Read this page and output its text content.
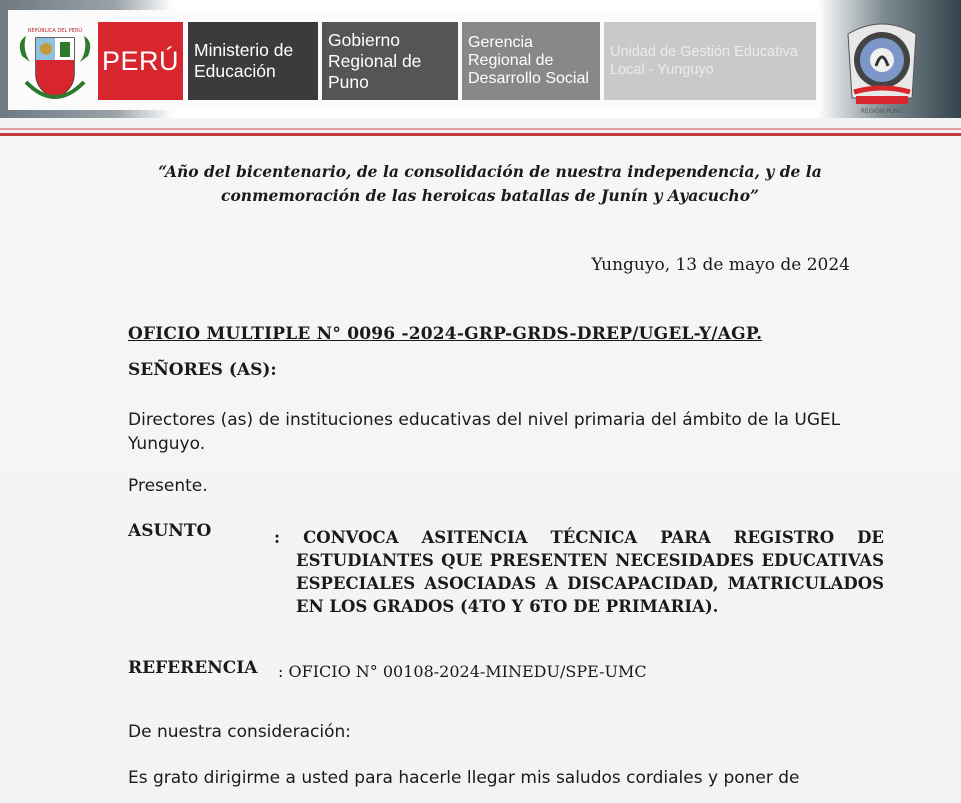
REPÚBLICA DEL PERÚ
PERÚ Ministerio de Educación
Gobierno Regional de Puno
Gerencia Regional de Desarrollo Social
Unidad de Gestión Educativa Local - Yunguyo
REGION PUNO
“Año del bicentenario, de la consolidación de nuestra independencia, y de la conmemoración de las heroicas batallas de Junín y Ayacucho”
Yunguyo, 13 de mayo de 2024
OFICIO MULTIPLE N° 0096 -2024-GRP-GRDS-DREP/UGEL-Y/AGP.
SEÑORES (AS):
Directores (as) de instituciones educativas del nivel primaria del ámbito de la UGEL Yunguyo.
Presente.
ASUNTO	: CONVOCA ASITENCIA TÉCNICA PARA REGISTRO DE ESTUDIANTES QUE PRESENTEN NECESIDADES EDUCATIVAS ESPECIALES ASOCIADAS A DISCAPACIDAD, MATRICULADOS EN LOS GRADOS (4TO Y 6TO DE PRIMARIA).
REFERENCIA : OFICIO N° 00108-2024-MINEDU/SPE-UMC
De nuestra consideración:
Es grato dirigirme a usted para hacerle llegar mis saludos cordiales y poner de
